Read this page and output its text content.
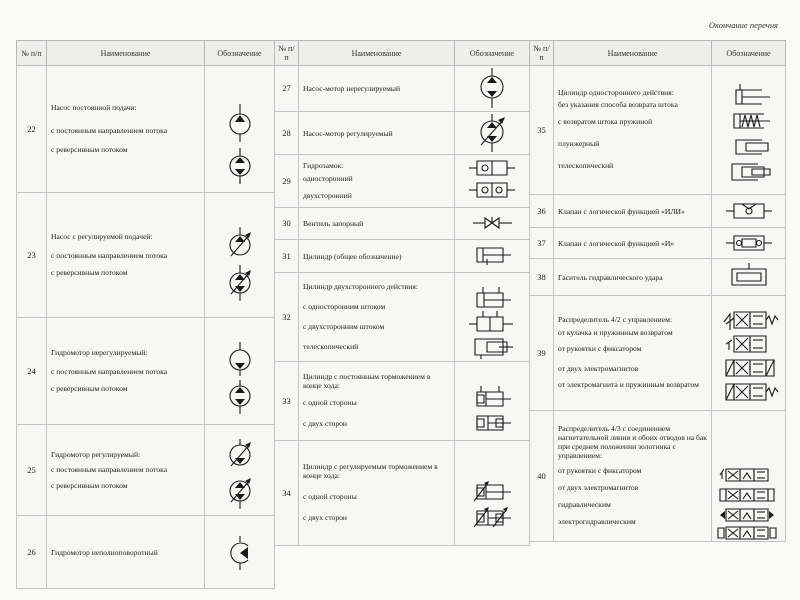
Окончание перечня
№ п/п	Наименование	Обозначение
22	Насос постоянной подачи:
с постоянным направлением потока
с реверсивным потоком

23	Насос с регулируемой подачей:
с постоянным направлением потока
с реверсивным потоком

24	Гидромотор нерегулируемый:
с постоянным направлением потока
с реверсивным потоком

25	Гидромотор регулируемый:
с постоянным направлением потока
с реверсивным потоком

26	Гидромотор неполноповоротный

№ п/п	Наименование	Обозначение
27	Насос-мотор нерегулируемый

28	Насос-мотор регулируемый

29	Гидрозамок:
односторонний
двухсторонний

30	Вентиль запорный

31	Цилиндр (общее обозначение)

32	Цилиндр двухстороннего действия:
с односторонним штоком
с двухсторонним штоком
телескопический

33	Цилиндр с постоянным торможением в конце хода:
с одной стороны
с двух сторон

34	Цилиндр с регулируемым торможением в конце хода:
с одной стороны
с двух сторон

№ п/п	Наименование	Обозначение
35	Цилиндр одностороннего действия:
без указания способа возврата штока
с возвратом штока пружиной
плунжерный
телескопический

36	Клапан с логической функцией «ИЛИ»

37	Клапан с логической функцией «И»

38	Гаситель гидравлического удара

39	Распределитель 4/2 с управлением:
от кулачка и пружинным возвратом
от рукоятки с фиксатором
от двух электромагнитов
от электромагнита и пружинным возвратом

40	Распределитель 4/3 с соединением нагнетательной линии и обоих отводов на бак при среднем положении золотника с управлением:
от рукоятки с фиксатором
от двух электромагнитов
гидравлическим
электрогидравлическим
